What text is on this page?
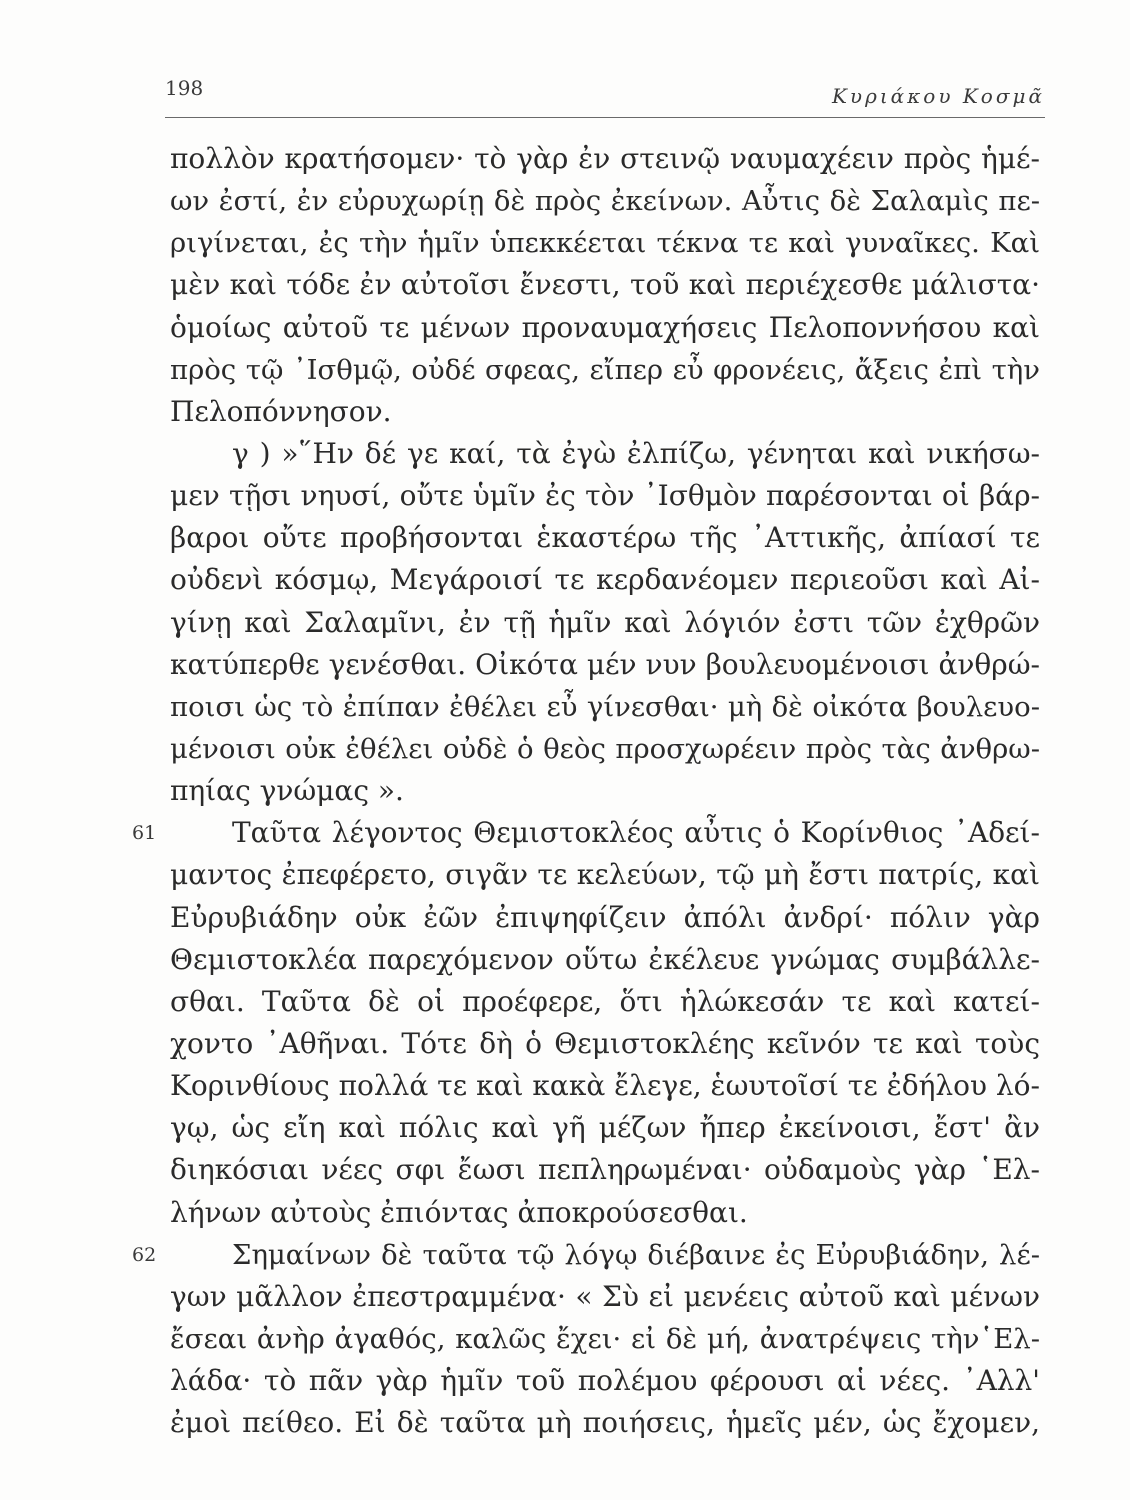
198	Κυριάκου Κοσμᾶ
πολλὸν κρατήσομεν· τὸ γὰρ ἐν στεινῷ ναυμαχέειν πρὸς ἡμέ-
ων ἐστί, ἐν εὐρυχωρίῃ δὲ πρὸς ἐκείνων. Αὖτις δὲ Σαλαμὶς πε-
ριγίνεται, ἐς τὴν ἡμῖν ὑπεκκέεται τέκνα τε καὶ γυναῖκες. Καὶ
μὲν καὶ τόδε ἐν αὐτοῖσι ἔνεστι, τοῦ καὶ περιέχεσθε μάλιστα·
ὁμοίως αὐτοῦ τε μένων προναυμαχήσεις Πελοποννήσου καὶ
πρὸς τῷ ᾿Ισθμῷ, οὐδέ σφεας, εἴπερ εὖ φρονέεις, ἄξεις ἐπὶ τὴν
Πελοπόννησον.
γ ) »῞Ην δέ γε καί, τὰ ἐγὼ ἐλπίζω, γένηται καὶ νικήσω-
μεν τῇσι νηυσί, οὔτε ὑμῖν ἐς τὸν ᾿Ισθμὸν παρέσονται οἱ βάρ-
βαροι οὔτε προβήσονται ἑκαστέρω τῆς ᾿Αττικῆς, ἀπίασί τε
οὐδενὶ κόσμῳ, Μεγάροισί τε κερδανέομεν περιεοῦσι καὶ Αἰ-
γίνῃ καὶ Σαλαμῖνι, ἐν τῇ ἡμῖν καὶ λόγιόν ἐστι τῶν ἐχθρῶν
κατύπερθε γενέσθαι. Οἰκότα μέν νυν βουλευομένοισι ἀνθρώ-
ποισι ὡς τὸ ἐπίπαν ἐθέλει εὖ γίνεσθαι· μὴ δὲ οἰκότα βουλευο-
μένοισι οὐκ ἐθέλει οὐδὲ ὁ θεὸς προσχωρέειν πρὸς τὰς ἀνθρω-
πηίας γνώμας ».
61	Ταῦτα λέγοντος Θεμιστοκλέος αὖτις ὁ Κορίνθιος ᾿Αδεί-
μαντος ἐπεφέρετο, σιγᾶν τε κελεύων, τῷ μὴ ἔστι πατρίς, καὶ
Εὐρυβιάδην οὐκ ἐῶν ἐπιψηφίζειν ἀπόλι ἀνδρί· πόλιν γὰρ
Θεμιστοκλέα παρεχόμενον οὕτω ἐκέλευε γνώμας συμβάλλε-
σθαι. Ταῦτα δὲ οἱ προέφερε, ὅτι ἡλώκεσάν τε καὶ κατεί-
χοντο ᾿Αθῆναι. Τότε δὴ ὁ Θεμιστοκλέης κεῖνόν τε καὶ τοὺς
Κορινθίους πολλά τε καὶ κακὰ ἔλεγε, ἑωυτοῖσί τε ἐδήλου λό-
γῳ, ὡς εἴη καὶ πόλις καὶ γῆ μέζων ἤπερ ἐκείνοισι, ἔστ' ἂν
διηκόσιαι νέες σφι ἔωσι πεπληρωμέναι· οὐδαμοὺς γὰρ ῾Ελ-
λήνων αὐτοὺς ἐπιόντας ἀποκρούσεσθαι.
62	Σημαίνων δὲ ταῦτα τῷ λόγῳ διέβαινε ἐς Εὐρυβιάδην, λέ-
γων μᾶλλον ἐπεστραμμένα· « Σὺ εἰ μενέεις αὐτοῦ καὶ μένων
ἔσεαι ἀνὴρ ἀγαθός, καλῶς ἔχει· εἰ δὲ μή, ἀνατρέψεις τὴν῾Ελ-
λάδα· τὸ πᾶν γὰρ ἡμῖν τοῦ πολέμου φέρουσι αἱ νέες. ᾿Αλλ'
ἐμοὶ πείθεο. Εἰ δὲ ταῦτα μὴ ποιήσεις, ἡμεῖς μέν, ὡς ἔχομεν,
